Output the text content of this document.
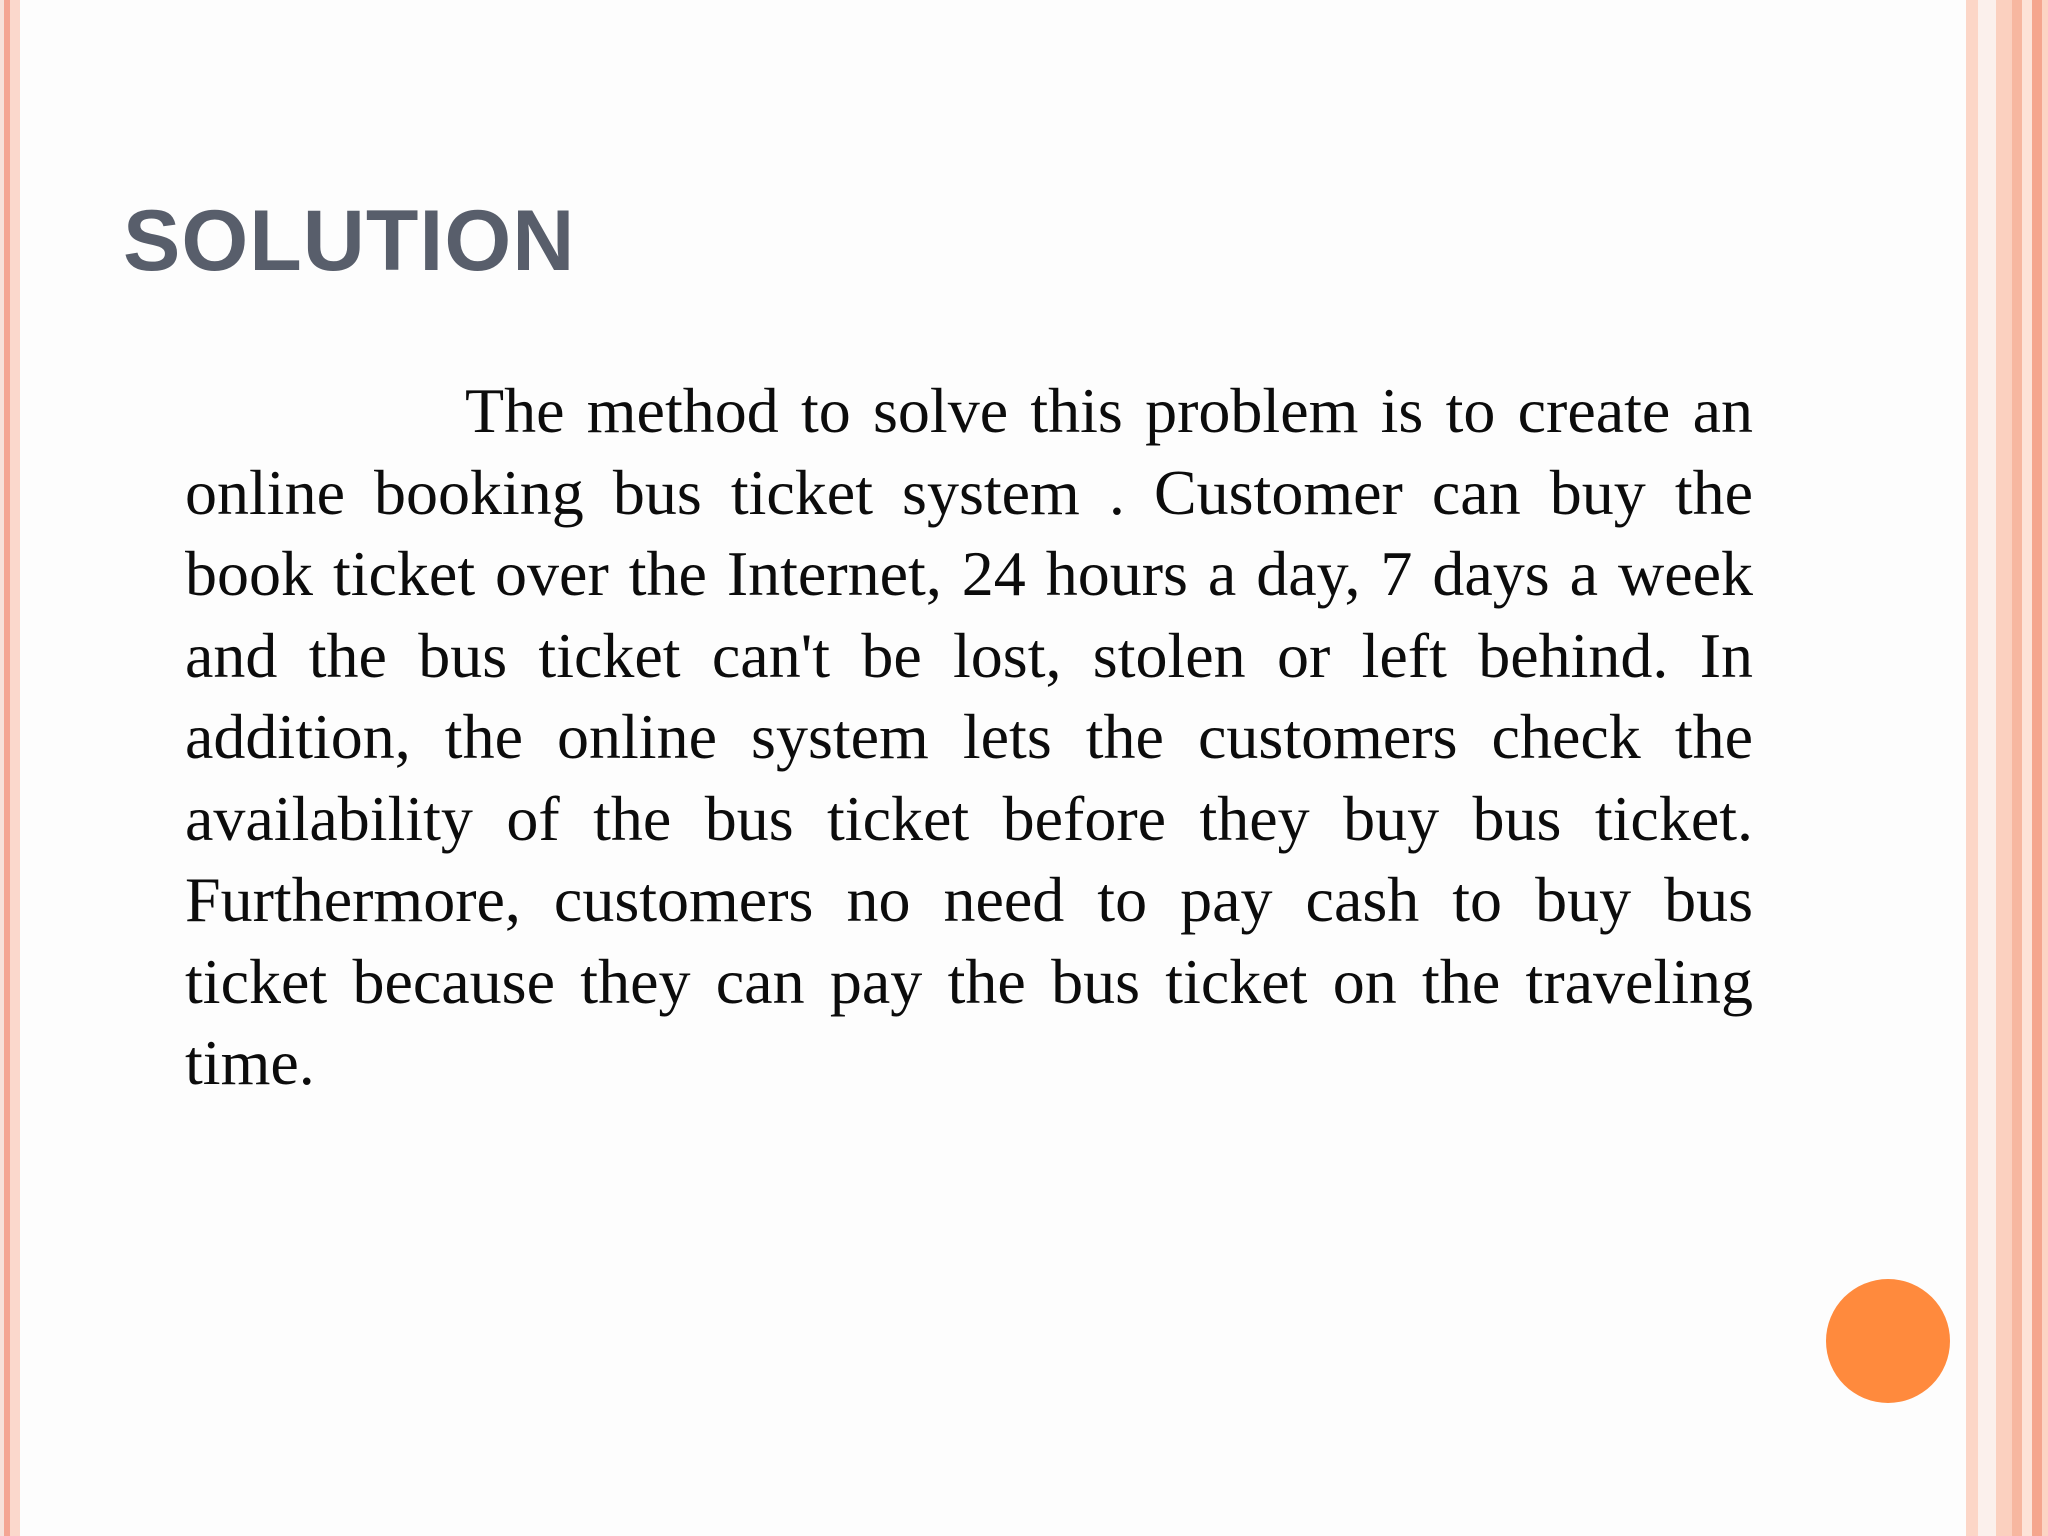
SOLUTION

The method to solve this problem is to create an online booking bus ticket system . Customer can buy the book ticket over the Internet, 24 hours a day, 7 days a week and the bus ticket can't be lost, stolen or left behind. In addition, the online system lets the customers check the availability of the bus ticket before they buy bus ticket. Furthermore, customers no need to pay cash to buy bus ticket because they can pay the bus ticket on the traveling time.
